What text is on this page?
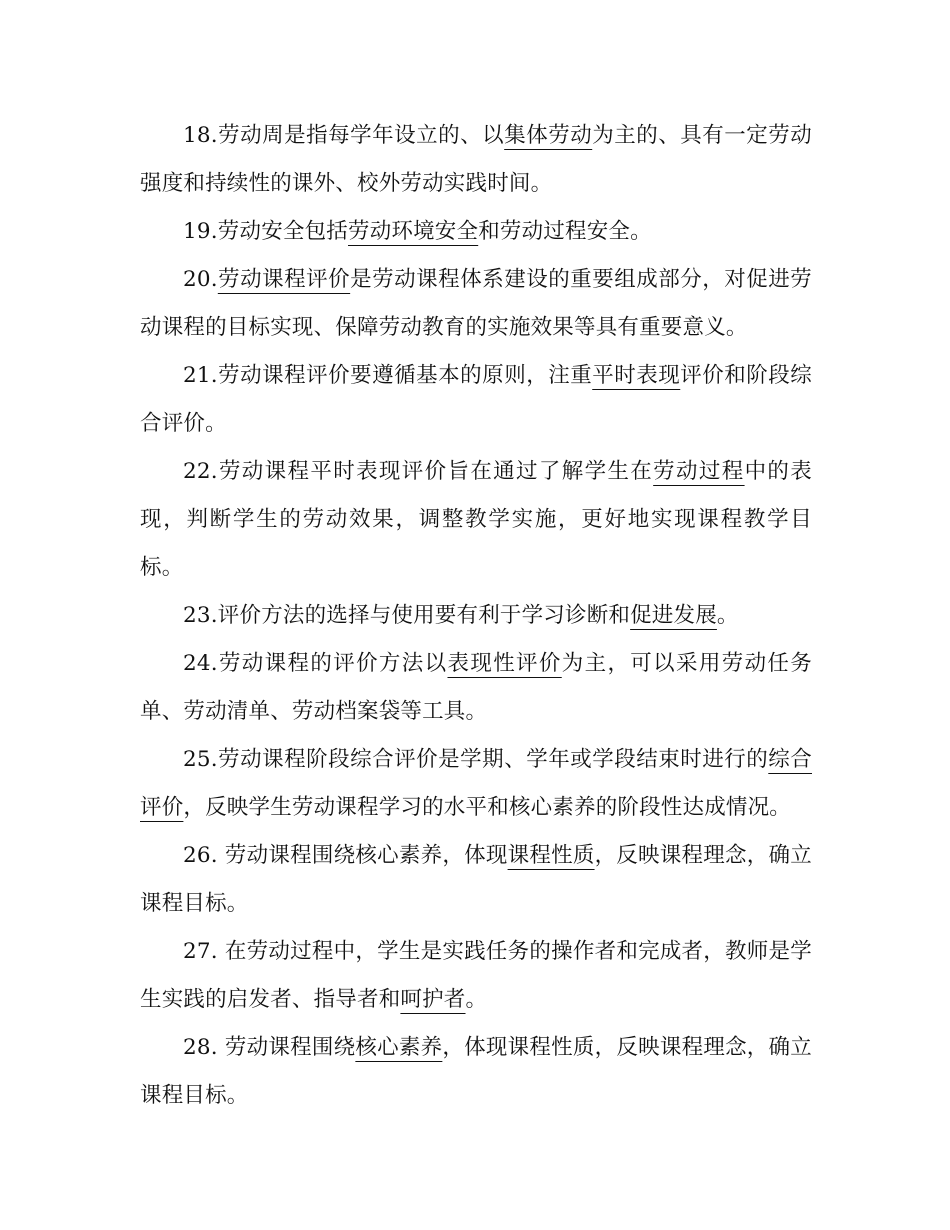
18.劳动周是指每学年设立的、以集体劳动为主的、具有一定劳动强度和持续性的课外、校外劳动实践时间。

19.劳动安全包括劳动环境安全和劳动过程安全。

20.劳动课程评价是劳动课程体系建设的重要组成部分，对促进劳动课程的目标实现、保障劳动教育的实施效果等具有重要意义。

21.劳动课程评价要遵循基本的原则，注重平时表现评价和阶段综合评价。

22.劳动课程平时表现评价旨在通过了解学生在劳动过程中的表现，判断学生的劳动效果，调整教学实施，更好地实现课程教学目标。

23.评价方法的选择与使用要有利于学习诊断和促进发展。

24.劳动课程的评价方法以表现性评价为主，可以采用劳动任务单、劳动清单、劳动档案袋等工具。

25.劳动课程阶段综合评价是学期、学年或学段结束时进行的综合评价，反映学生劳动课程学习的水平和核心素养的阶段性达成情况。

26. 劳动课程围绕核心素养，体现课程性质，反映课程理念，确立课程目标。

27. 在劳动过程中，学生是实践任务的操作者和完成者，教师是学生实践的启发者、指导者和呵护者。

28. 劳动课程围绕核心素养，体现课程性质，反映课程理念，确立课程目标。
